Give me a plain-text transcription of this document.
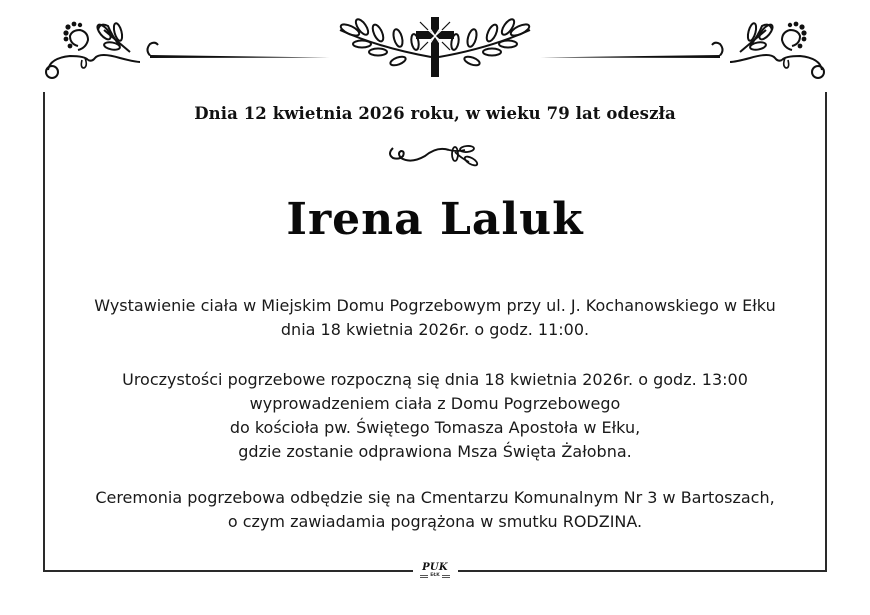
Dnia 12 kwietnia 2026 roku, w wieku 79 lat odeszła
Irena Laluk
Wystawienie ciała w Miejskim Domu Pogrzebowym przy ul. J. Kochanowskiego w Ełku
dnia 18 kwietnia 2026r. o godz. 11:00.
Uroczystości pogrzebowe rozpoczną się dnia 18 kwietnia 2026r. o godz. 13:00
wyprowadzeniem ciała z Domu Pogrzebowego
do kościoła pw. Świętego Tomasza Apostoła w Ełku,
gdzie zostanie odprawiona Msza Święta Żałobna.
Ceremonia pogrzebowa odbędzie się na Cmentarzu Komunalnym Nr 3 w Bartoszach,
o czym zawiadamia pogrążona w smutku RODZINA.
PUK
EŁK
